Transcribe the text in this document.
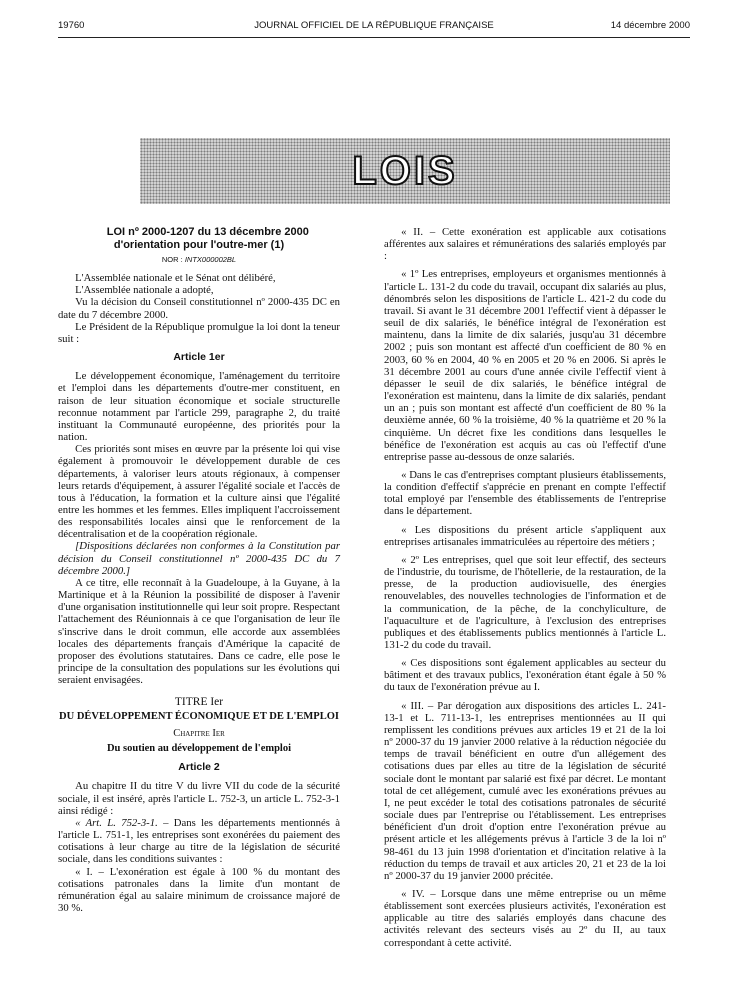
19760	JOURNAL OFFICIEL DE LA RÉPUBLIQUE FRANÇAISE	14 décembre 2000
LOIS

LOI nº 2000-1207 du 13 décembre 2000 d'orientation pour l'outre-mer (1)

NOR : INTX000002BL

L'Assemblée nationale et le Sénat ont délibéré,

L'Assemblée nationale a adopté,

Vu la décision du Conseil constitutionnel nº 2000-435 DC en date du 7 décembre 2000.

Le Président de la République promulgue la loi dont la teneur suit :

Article 1er

Le développement économique, l'aménagement du territoire et l'emploi dans les départements d'outre-mer constituent, en raison de leur situation économique et sociale structurelle reconnue notamment par l'article 299, paragraphe 2, du traité instituant la Communauté européenne, des priorités pour la nation.

Ces priorités sont mises en œuvre par la présente loi qui vise également à promouvoir le développement durable de ces départements, à valoriser leurs atouts régionaux, à compenser leurs retards d'équipement, à assurer l'égalité sociale et l'accès de tous à l'éducation, la formation et la culture ainsi que l'égalité entre les hommes et les femmes. Elles impliquent l'accroissement des responsabilités locales ainsi que le renforcement de la décentralisation et de la coopération régionale.

[Dispositions déclarées non conformes à la Constitution par décision du Conseil constitutionnel nº 2000-435 DC du 7 décembre 2000.]

A ce titre, elle reconnaît à la Guadeloupe, à la Guyane, à la Martinique et à la Réunion la possibilité de disposer à l'avenir d'une organisation institutionnelle qui leur soit propre. Respectant l'attachement des Réunionnais à ce que l'organisation de leur île s'inscrive dans le droit commun, elle accorde aux assemblées locales des départements français d'Amérique la capacité de proposer des évolutions statutaires. Dans ce cadre, elle pose le principe de la consultation des populations sur les évolutions qui seraient envisagées.

TITRE Ier
DU DÉVELOPPEMENT ÉCONOMIQUE ET DE L'EMPLOI
Chapitre Ier
Du soutien au développement de l'emploi
Article 2

Au chapitre II du titre V du livre VII du code de la sécurité sociale, il est inséré, après l'article L. 752-3, un article L. 752-3-1 ainsi rédigé :

« Art. L. 752-3-1. – Dans les départements mentionnés à l'article L. 751-1, les entreprises sont exonérées du paiement des cotisations à leur charge au titre de la législation de sécurité sociale, dans les conditions suivantes :

« I. – L'exonération est égale à 100 % du montant des cotisations patronales dans la limite d'un montant de rémunération égal au salaire minimum de croissance majoré de 30 %.

« II. – Cette exonération est applicable aux cotisations afférentes aux salaires et rémunérations des salariés employés par :

« 1º Les entreprises, employeurs et organismes mentionnés à l'article L. 131-2 du code du travail, occupant dix salariés au plus, dénombrés selon les dispositions de l'article L. 421-2 du code du travail. Si avant le 31 décembre 2001 l'effectif vient à dépasser le seuil de dix salariés, le bénéfice intégral de l'exonération est maintenu, dans la limite de dix salariés, jusqu'au 31 décembre 2002 ; puis son montant est affecté d'un coefficient de 80 % en 2003, 60 % en 2004, 40 % en 2005 et 20 % en 2006. Si après le 31 décembre 2001 au cours d'une année civile l'effectif vient à dépasser le seuil de dix salariés, le bénéfice intégral de l'exonération est maintenu, dans la limite de dix salariés, pendant un an ; puis son montant est affecté d'un coefficient de 80 % la deuxième année, 60 % la troisième, 40 % la quatrième et 20 % la cinquième. Un décret fixe les conditions dans lesquelles le bénéfice de l'exonération est acquis au cas où l'effectif d'une entreprise passe au-dessous de onze salariés.

« Dans le cas d'entreprises comptant plusieurs établissements, la condition d'effectif s'apprécie en prenant en compte l'effectif total employé par l'ensemble des établissements de l'entreprise dans le département.

« Les dispositions du présent article s'appliquent aux entreprises artisanales immatriculées au répertoire des métiers ;

« 2º Les entreprises, quel que soit leur effectif, des secteurs de l'industrie, du tourisme, de l'hôtellerie, de la restauration, de la presse, de la production audiovisuelle, des énergies renouvelables, des nouvelles technologies de l'information et de la communication, de la pêche, de la conchyliculture, de l'aquaculture et de l'agriculture, à l'exclusion des entreprises publiques et des établissements publics mentionnés à l'article L. 131-2 du code du travail.

« Ces dispositions sont également applicables au secteur du bâtiment et des travaux publics, l'exonération étant égale à 50 % du taux de l'exonération prévue au I.

« III. – Par dérogation aux dispositions des articles L. 241-13-1 et L. 711-13-1, les entreprises mentionnées au II qui remplissent les conditions prévues aux articles 19 et 21 de la loi nº 2000-37 du 19 janvier 2000 relative à la réduction négociée du temps de travail bénéficient en outre d'un allégement des cotisations dues par elles au titre de la législation de sécurité sociale dont le montant par salarié est fixé par décret. Le montant total de cet allégement, cumulé avec les exonérations prévues au I, ne peut excéder le total des cotisations patronales de sécurité sociale dues par l'entreprise ou l'établissement. Les entreprises bénéficient d'un droit d'option entre l'exonération prévue au présent article et les allégements prévus à l'article 3 de la loi nº 98-461 du 13 juin 1998 d'orientation et d'incitation relative à la réduction du temps de travail et aux articles 20, 21 et 23 de la loi nº 2000-37 du 19 janvier 2000 précitée.

« IV. – Lorsque dans une même entreprise ou un même établissement sont exercées plusieurs activités, l'exonération est applicable au titre des salariés employés dans chacune des activités relevant des secteurs visés au 2º du II, au taux correspondant à cette activité.
